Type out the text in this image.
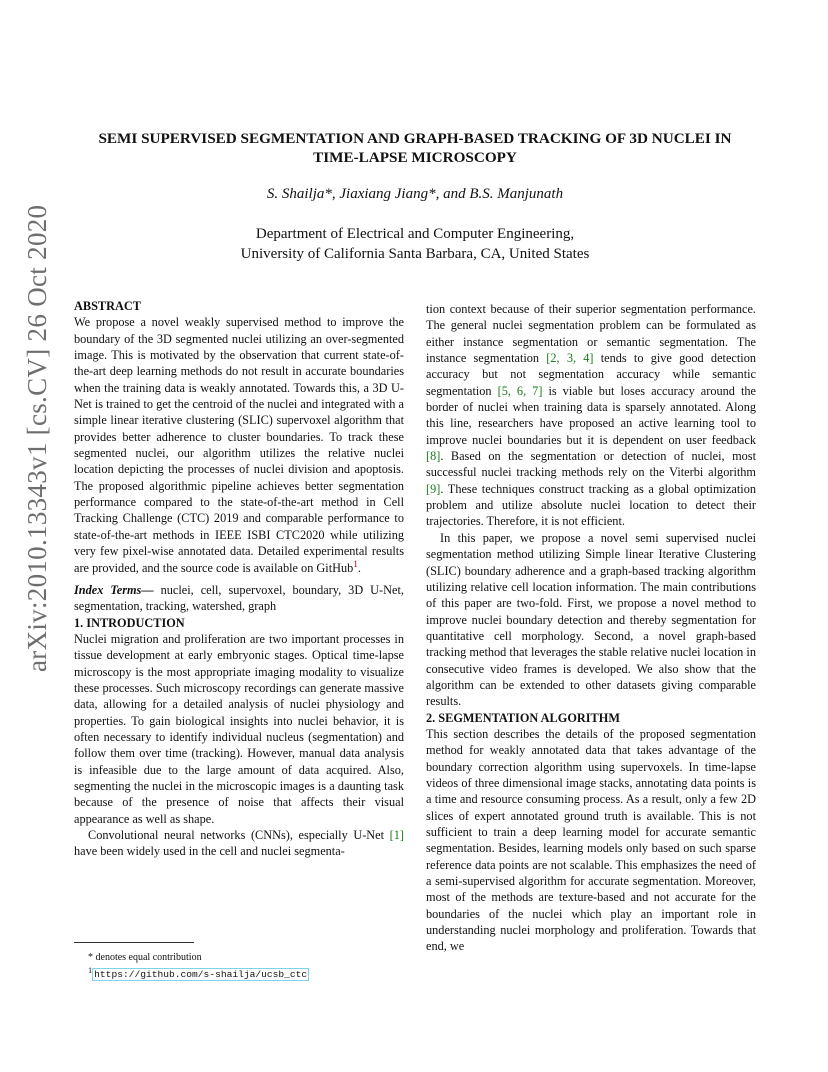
arXiv:2010.13343v1 [cs.CV] 26 Oct 2020
SEMI SUPERVISED SEGMENTATION AND GRAPH-BASED TRACKING OF 3D NUCLEI IN
TIME-LAPSE MICROSCOPY
S. Shailja*, Jiaxiang Jiang*, and B.S. Manjunath
Department of Electrical and Computer Engineering,
University of California Santa Barbara, CA, United States

ABSTRACT

We propose a novel weakly supervised method to improve the boundary of the 3D segmented nuclei utilizing an over-segmented image. This is motivated by the observation that current state-of-the-art deep learning methods do not result in accurate boundaries when the training data is weakly annotated. Towards this, a 3D U-Net is trained to get the centroid of the nuclei and integrated with a simple linear iterative clustering (SLIC) supervoxel algorithm that provides better adherence to cluster boundaries. To track these segmented nuclei, our algorithm utilizes the relative nuclei location depicting the processes of nuclei division and apoptosis. The proposed algorithmic pipeline achieves better segmentation performance compared to the state-of-the-art method in Cell Tracking Challenge (CTC) 2019 and comparable performance to state-of-the-art methods in IEEE ISBI CTC2020 while utilizing very few pixel-wise annotated data. Detailed experimental results are provided, and the source code is available on GitHub$^1$.

Index Terms— nuclei, cell, supervoxel, boundary, 3D U-Net, segmentation, tracking, watershed, graph

1. INTRODUCTION

Nuclei migration and proliferation are two important processes in tissue development at early embryonic stages. Optical time-lapse microscopy is the most appropriate imaging modality to visualize these processes. Such microscopy recordings can generate massive data, allowing for a detailed analysis of nuclei physiology and properties. To gain biological insights into nuclei behavior, it is often necessary to identify individual nucleus (segmentation) and follow them over time (tracking). However, manual data analysis is infeasible due to the large amount of data acquired. Also, segmenting the nuclei in the microscopic images is a daunting task because of the presence of noise that affects their visual appearance as well as shape.

Convolutional neural networks (CNNs), especially U-Net [1] have been widely used in the cell and nuclei segmenta-

* denotes equal contribution
$^1$ https://github.com/s-shailja/ucsb_ctc

tion context because of their superior segmentation performance. The general nuclei segmentation problem can be formulated as either instance segmentation or semantic segmentation. The instance segmentation [2, 3, 4] tends to give good detection accuracy but not segmentation accuracy while semantic segmentation [5, 6, 7] is viable but loses accuracy around the border of nuclei when training data is sparsely annotated. Along this line, researchers have proposed an active learning tool to improve nuclei boundaries but it is dependent on user feedback [8]. Based on the segmentation or detection of nuclei, most successful nuclei tracking methods rely on the Viterbi algorithm [9]. These techniques construct tracking as a global optimization problem and utilize absolute nuclei location to detect their trajectories. Therefore, it is not efficient.

In this paper, we propose a novel semi supervised nuclei segmentation method utilizing Simple linear Iterative Clustering (SLIC) boundary adherence and a graph-based tracking algorithm utilizing relative cell location information. The main contributions of this paper are two-fold. First, we propose a novel method to improve nuclei boundary detection and thereby segmentation for quantitative cell morphology. Second, a novel graph-based tracking method that leverages the stable relative nuclei location in consecutive video frames is developed. We also show that the algorithm can be extended to other datasets giving comparable results.

2. SEGMENTATION ALGORITHM

This section describes the details of the proposed segmentation method for weakly annotated data that takes advantage of the boundary correction algorithm using supervoxels. In time-lapse videos of three dimensional image stacks, annotating data points is a time and resource consuming process. As a result, only a few 2D slices of expert annotated ground truth is available. This is not sufficient to train a deep learning model for accurate semantic segmentation. Besides, learning models only based on such sparse reference data points are not scalable. This emphasizes the need of a semi-supervised algorithm for accurate segmentation. Moreover, most of the methods are texture-based and not accurate for the boundaries of the nuclei which play an important role in understanding nuclei morphology and proliferation. Towards that end, we
